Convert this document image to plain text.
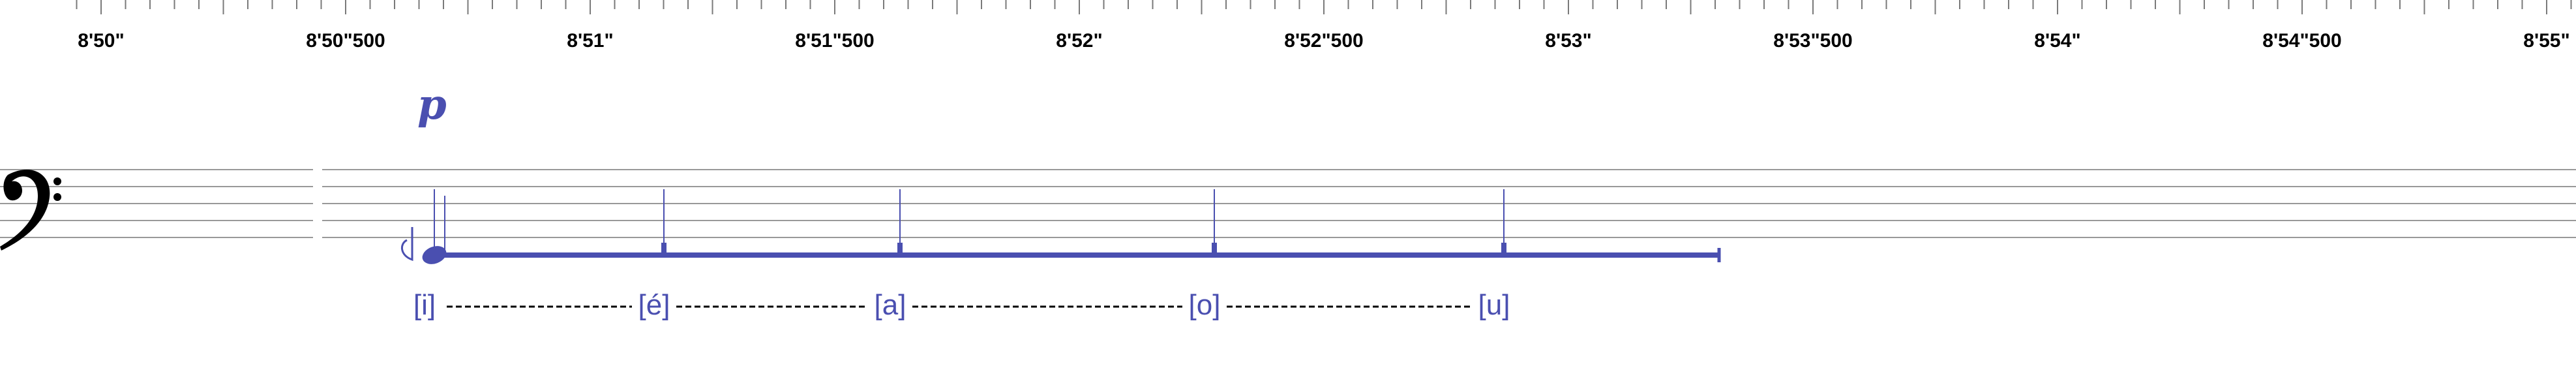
8'50"	8'50"500	8'51"	8'51"500	8'52"	8'52"500	8'53"	8'53"500	8'54"	8'54"500	8'55"
p
[i]	[é]	[a]	[o]	[u]
